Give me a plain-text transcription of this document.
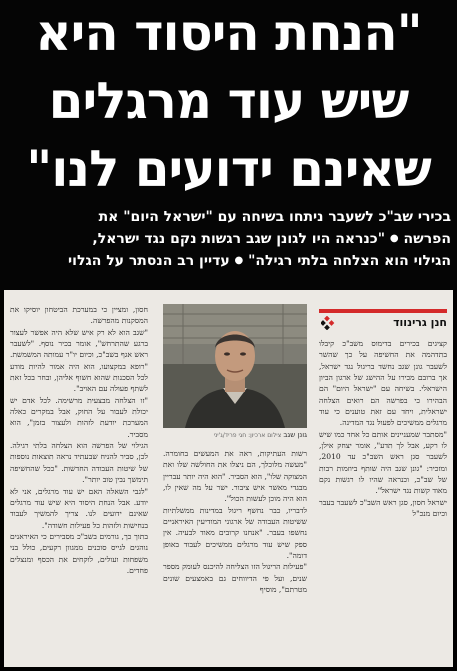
"הנחת היסוד היא
שיש עוד מרגלים
שאינם ידועים לנו"
בכירי שב"כ לשעבר ניתחו בשיחה עם "ישראל היום" את
הפרשה ● "כנראה היו לגונן שגב רגשות נקם נגד ישראל,
הגילוי הוא הצלחה בלתי רגילה" ● עדיין רב הנסתר על הגלוי
חנן גרינווד

קציגים בכירים בדימוס משב"כ קיבלו בתדהמה את החשיפה על כך שהשר לשעבר גונן שגב נחשד בריגול נגד ישראל, אך ברובם מכירו על ההישג של ארגון הביון הישראלי. בשיחה עם "ישראל היום" הם הבהירו כי בפרשה הם רואים הצלחה ישראלית, ויחד עם זאת טוענים כי עוד מרגלים ממשיכים לפעול נגד המדינה.

"מסתבר שמעניינים אותם כל אחד כמו שיש לו רקע, אבל לך תדע", אומר יצחק אילן, לשעבר סגן ראש השב"כ עד 2010, ומזכיר: "גונן שגב היה שותף ביוזמות רבות של שב"כ, וכנראה שהיו לו רגשות נקם מאוד קשות נגד ישראל".

ישראל חסון, סגן ראש השב"כ לשעבר בעבר וכיום מנכ"ל

גונן שגב צילום ארכיון: חגי פריד/ג'יני

רשות העתיקות, ראה את המעשים בחומרה. "מעשה מלוכלך, הם ניצלו את החולשה שלו ואת המצוקה שלו", הוא הסביר. "הוא היה יותר עבריין מבגדי מאשר איש ציבור. ישר על מה שאין לו, הוא היה מוכן לעשות הכול".

לדבריו, כבר נחשף ריגול במדינות ממשלתיות ששיטות העבודה של ארגוני המודיעין האיראניים נחשפו בעבר. "אנחנו קרובים מאוד לבעיה. אין ספק שיש עוד מרגלים ממשיכים לעבוד באופן דומה".

"פעילות הריגול הזו הצליחה להיכנס לעומק מספר שנים, ועל פי הדיווחים גם באמצעים שונים מטרתם", מוסיף

חסון, ומציין כי במערכת הביטחון יוסיקו את המסקנות מהפרשה.

"שגב הוא לא רק איש שלא היה אפשר לעצור ברגע שהתרחש", אומר בכיר נוסף. "לשעבר ראש אגף בשב"כ, וכיום יו"ר עמותה המשמשת. "רופא במקצועו, הוא היה אמור להיות מודע לכל הסכנות שהוא חשוף אליהן, ובחר בכל זאת לשתף פעולה עם האויב".

"זו הצלחה מבצעית מרשימה. לכל אדם יש יכולת לעבור על החוק, אבל במקרים כאלה המערכת יודעת לזהות ולעצור בזמן", הוא מסביר.

הגילוי של הפרשה הוא הצלחה בלתי רגילה. לכן, סביר להניח שבעתיד נראה תוצאות נוספות של שיטות העבודה החדשות. "ככל שהחשיפה תימשך נבין טוב יותר".

"לגבי השאלה האם יש עוד מרגלים, אני לא יודע. אבל הנחת היסוד היא שיש עוד מרגלים שאינם ידועים לנו. צריך להמשיך לעבוד בנחישות ולזהות כל פעילות חשודה".

בתוך כך, גורמים בשב"כ מסבירים כי האיראנים נוהגים לגייס סוכנים ממגוון רקעים, כולל בני משפחות ועולים, לוקחים את הכסף ומנצלים פחדים.
